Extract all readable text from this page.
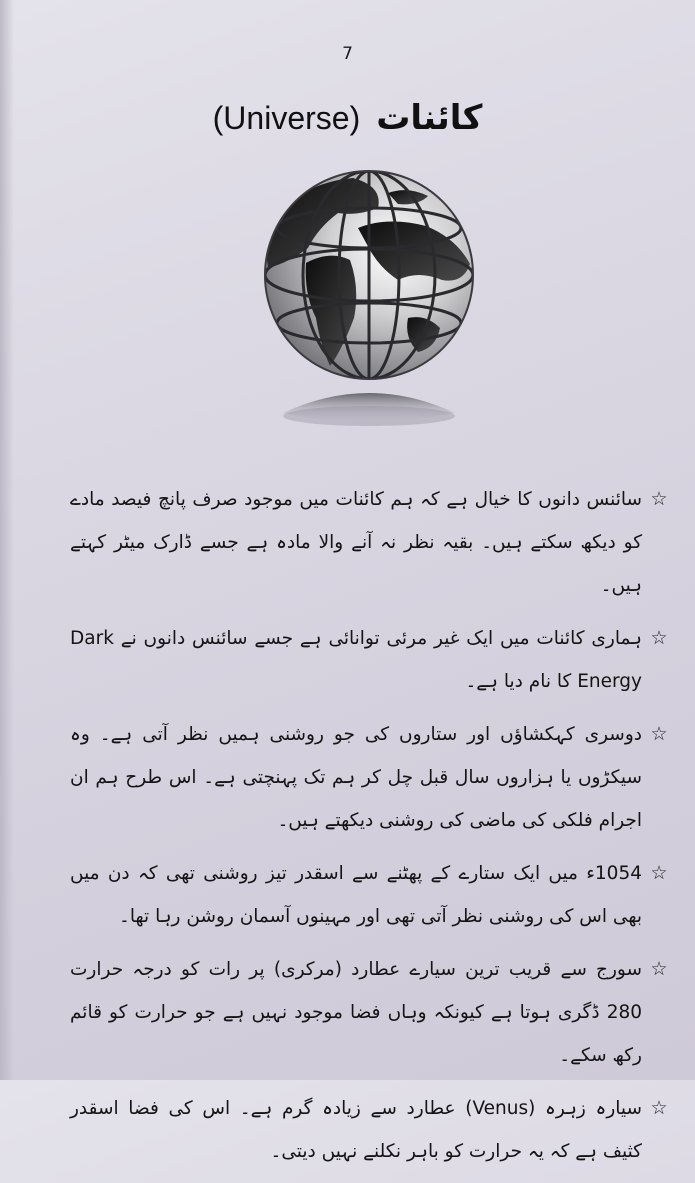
7
(Universe) کائنات
☆
سائنس دانوں کا خیال ہے کہ ہم کائنات میں موجود صرف پانچ فیصد مادے کو دیکھ سکتے ہیں۔ بقیہ نظر نہ آنے والا مادہ ہے جسے ڈارک میٹر کہتے ہیں۔
☆
ہماری کائنات میں ایک غیر مرئی توانائی ہے جسے سائنس دانوں نے Dark Energy کا نام دیا ہے۔
☆
دوسری کہکشاؤں اور ستاروں کی جو روشنی ہمیں نظر آتی ہے۔ وہ سیکڑوں یا ہزاروں سال قبل چل کر ہم تک پہنچتی ہے۔ اس طرح ہم ان اجرام فلکی کی ماضی کی روشنی دیکھتے ہیں۔
☆
1054ء میں ایک ستارے کے پھٹنے سے اسقدر تیز روشنی تھی کہ دن میں بھی اس کی روشنی نظر آتی تھی اور مہینوں آسمان روشن رہا تھا۔
☆
سورج سے قریب ترین سیارے عطارد (مرکری) پر رات کو درجہ حرارت 280 ڈگری ہوتا ہے کیونکہ وہاں فضا موجود نہیں ہے جو حرارت کو قائم رکھ سکے۔
☆
سیارہ زہرہ (Venus) عطارد سے زیادہ گرم ہے۔ اس کی فضا اسقدر کثیف ہے کہ یہ حرارت کو باہر نکلنے نہیں دیتی۔
